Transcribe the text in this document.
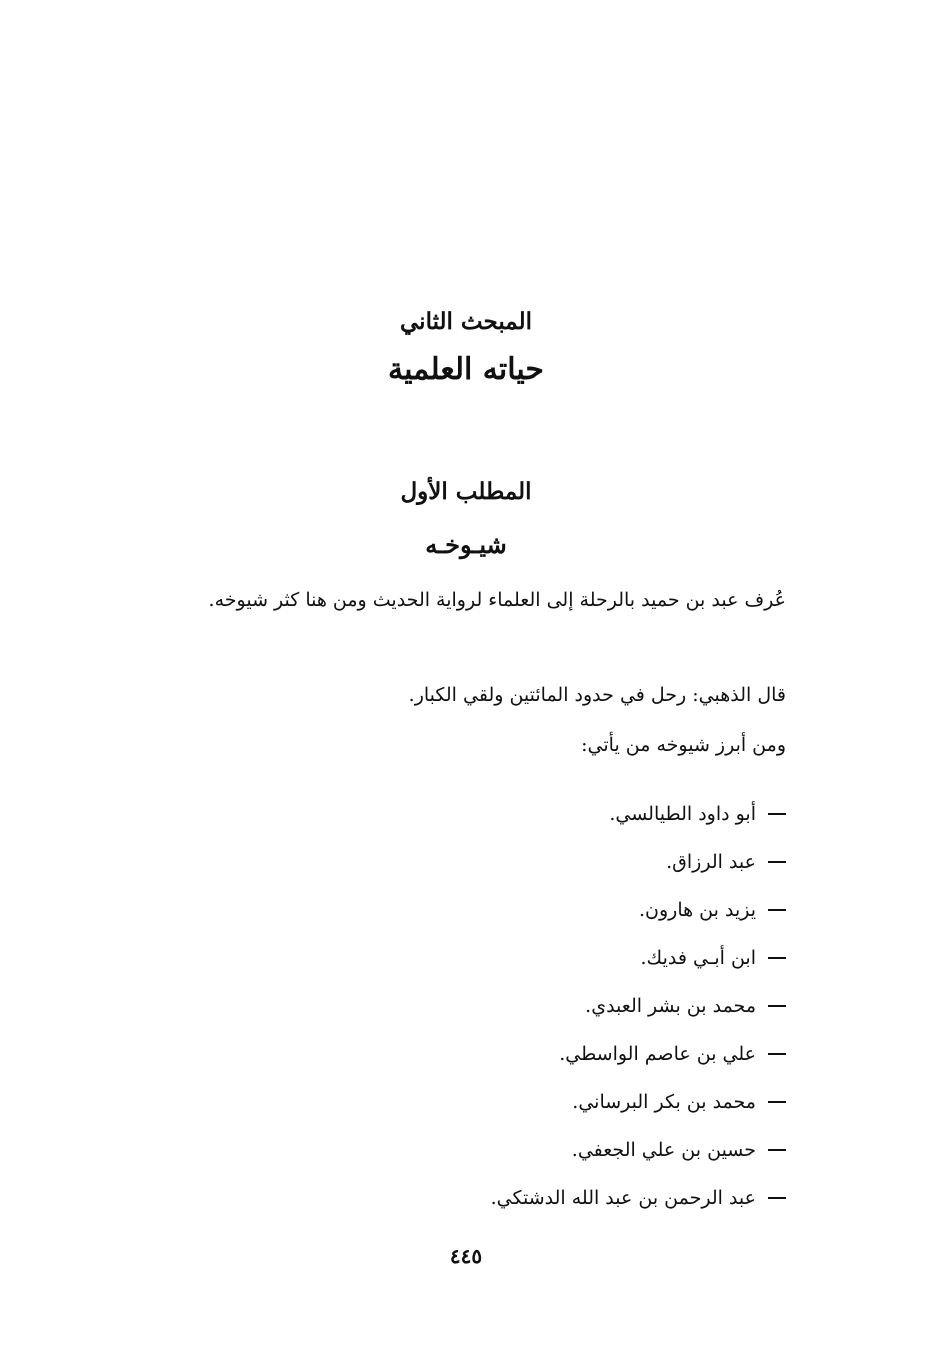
المبحث الثاني
حياته العلمية
المطلب الأول
شيـوخـه
عُرف عبد بن حميد بالرحلة إلى العلماء لرواية الحديث ومن هنا كثر شيوخه.
قال الذهبي: رحل في حدود المائتين ولقي الكبار.
ومن أبرز شيوخه من يأتي:
أبو داود الطيالسي.
عبد الرزاق.
يزيد بن هارون.
ابن أبـي فديك.
محمد بن بشر العبدي.
علي بن عاصم الواسطي.
محمد بن بكر البرساني.
حسين بن علي الجعفي.
عبد الرحمن بن عبد الله الدشتكي.
٤٤٥
